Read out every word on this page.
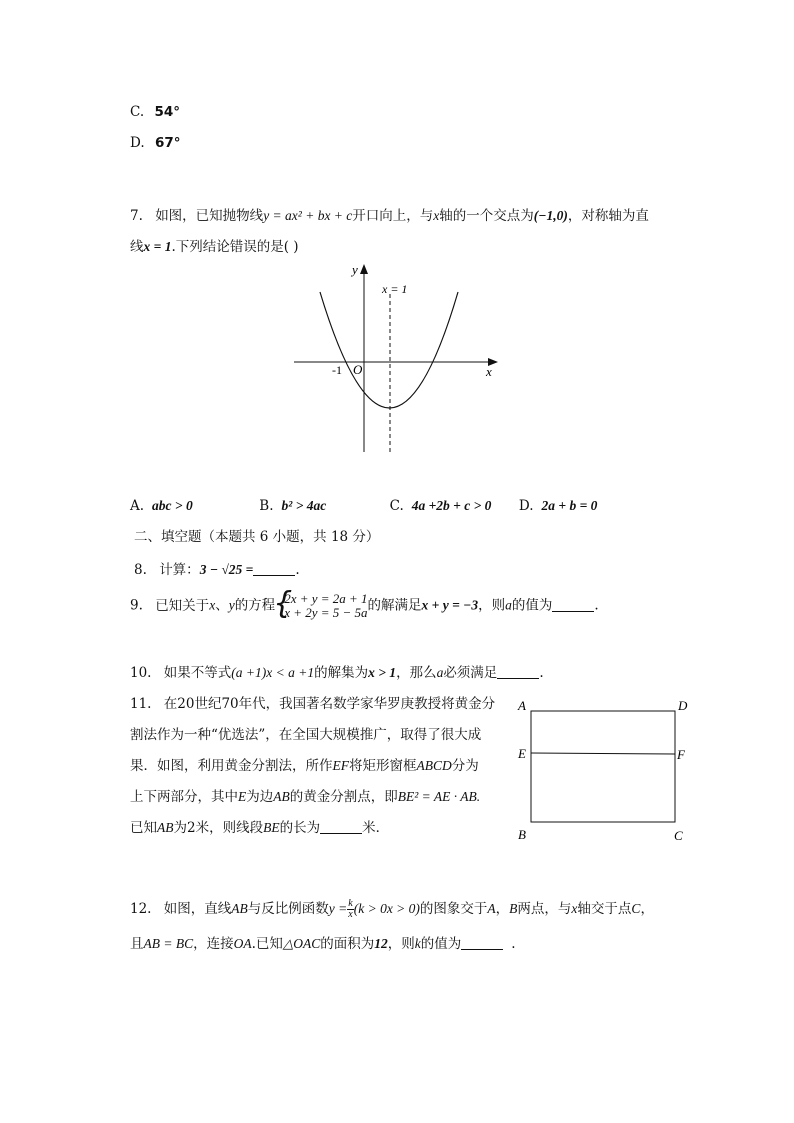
C. 54°
D. 67°
7. 如图，已知抛物线y = ax² + bx + c开口向上，与x轴的一个交点为(−1,0)，对称轴为直
线x = 1.下列结论错误的是( )
y
x
O
-1
x = 1
A. abc > 0	B. b² > 4ac	C. 4a +2b + c > 0 D. 2a + b = 0
二、填空题（本题共 6 小题，共 18 分）
8. 计算：3 − √25 =	.
9. 已知关于x、y的方程
{ 2x + y = 2a + 1
x + 2y = 5 − 5a 的解满足x + y = −3，则a的值为	.
10. 如果不等式(a +1)x < a +1的解集为x > 1，那么a必须满足	.
11. 在20世纪70年代，我国著名数学家华罗庚教授将黄金分
割法作为一种“优选法”，在全国大规模推广，取得了很大成
果．如图，利用黄金分割法，所作EF将矩形窗框ABCD分为
上下两部分，其中E为边AB的黄金分割点，即BE² = AE · AB.
已知AB为2米，则线段BE的长为	米．
A	D
E	F
B	C
12. 如图，直线AB与反比例函数$y = \frac{k}{x} (k > 0x > 0)$的图象交于A，B两点，与x轴交于点C，
且AB = BC，连接OA.已知△OAC的面积为12，则k的值为	.
